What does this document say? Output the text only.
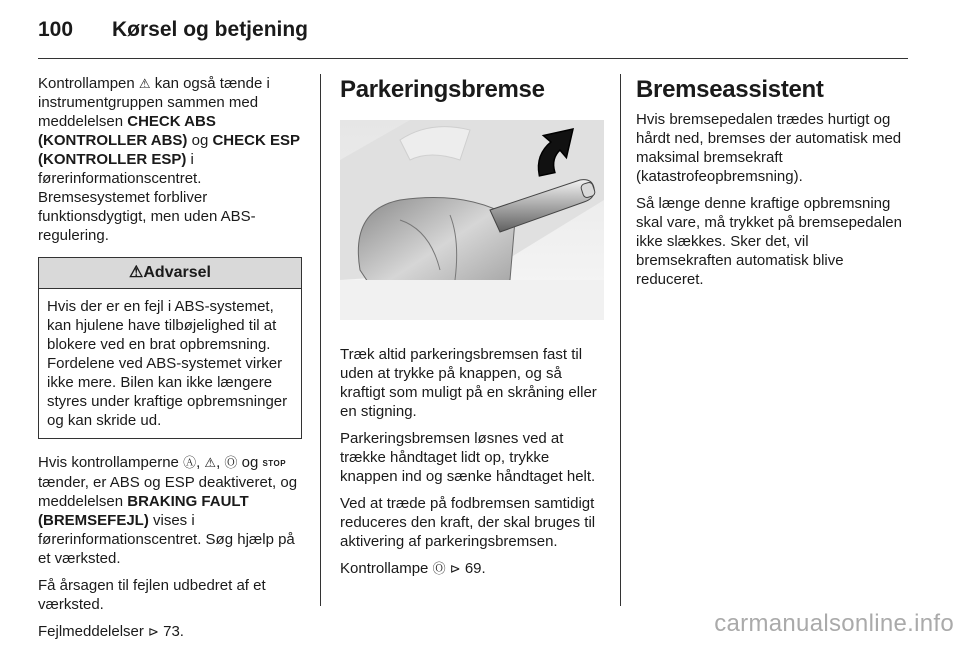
100 Kørsel og betjening

Kontrollampen ⚠ kan også tænde i instrumentgruppen sammen med meddelelsen CHECK ABS (KONTROLLER ABS) og CHECK ESP (KONTROLLER ESP) i førerinformationscentret. Bremsesystemet forbliver funktionsdygtigt, men uden ABS-regulering.

⚠Advarsel
Hvis der er en fejl i ABS-systemet, kan hjulene have tilbøjelighed til at blokere ved en brat opbremsning. Fordelene ved ABS-systemet virker ikke mere. Bilen kan ikke længere styres under kraftige opbremsninger og kan skride ud.

Hvis kontrollamperne Ⓐ, ⚠, Ⓞ og STOP tænder, er ABS og ESP deaktiveret, og meddelelsen BRAKING FAULT (BREMSEFEJL) vises i førerinformationscentret. Søg hjælp på et værksted.

Få årsagen til fejlen udbedret af et værksted.

Fejlmeddelelser ⊳ 73.

Parkeringsbremse

Træk altid parkeringsbremsen fast til uden at trykke på knappen, og så kraftigt som muligt på en skråning eller en stigning.

Parkeringsbremsen løsnes ved at trække håndtaget lidt op, trykke knappen ind og sænke håndtaget helt.

Ved at træde på fodbremsen samtidigt reduceres den kraft, der skal bruges til aktivering af parkeringsbremsen.

Kontrollampe Ⓞ ⊳ 69.

Bremseassistent

Hvis bremsepedalen trædes hurtigt og hårdt ned, bremses der automatisk med maksimal bremsekraft (katastrofeopbremsning).

Så længe denne kraftige opbremsning skal vare, må trykket på bremsepedalen ikke slækkes. Sker det, vil bremsekraften automatisk blive reduceret.

carmanualsonline.info
